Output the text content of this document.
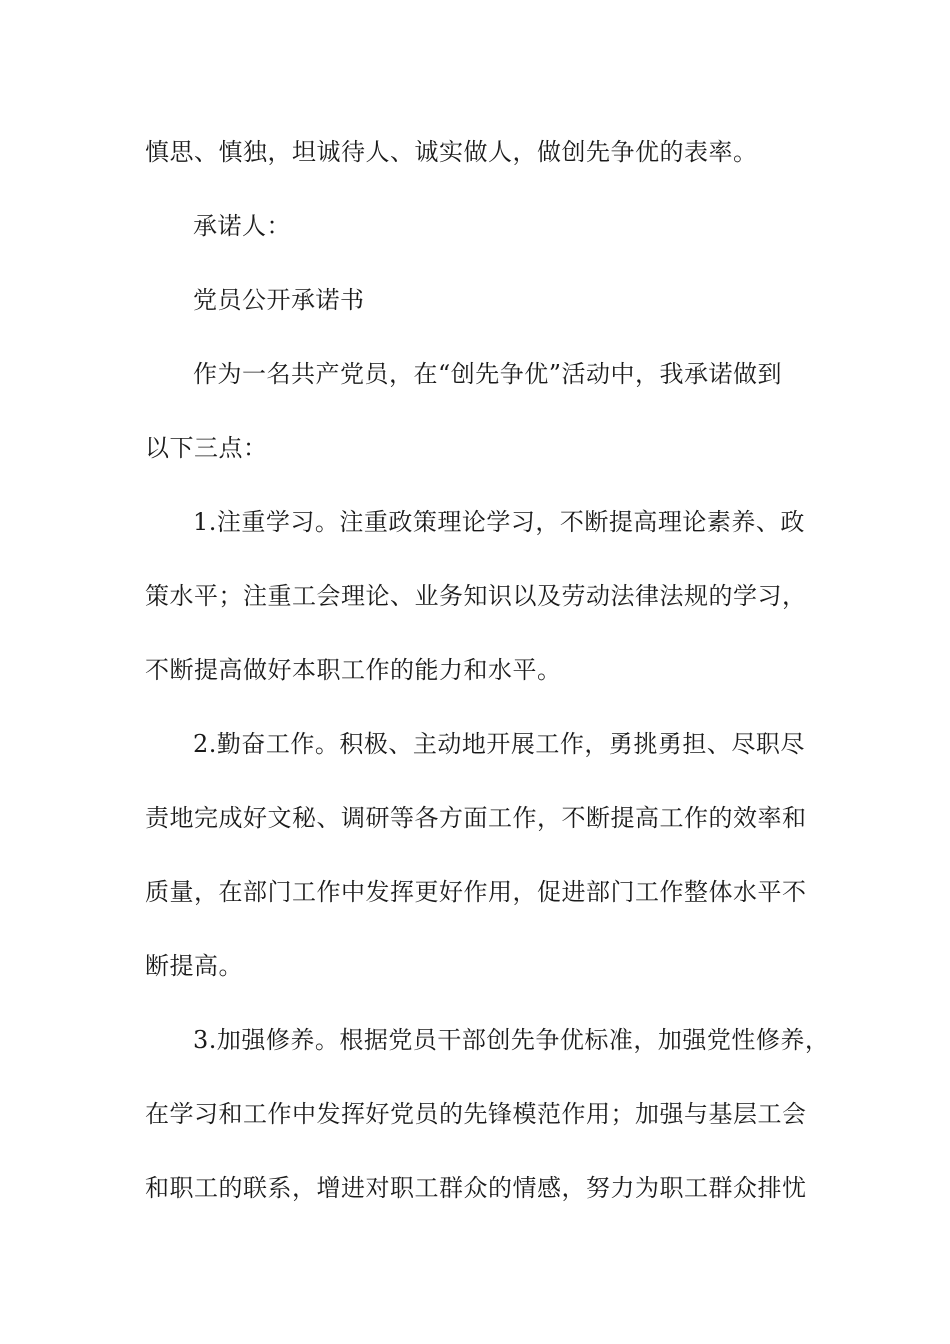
慎思、慎独，坦诚待人、诚实做人，做创先争优的表率。
承诺人：
党员公开承诺书
作为一名共产党员，在“创先争优”活动中，我承诺做到
以下三点：
1.注重学习。注重政策理论学习，不断提高理论素养、政
策水平；注重工会理论、业务知识以及劳动法律法规的学习，
不断提高做好本职工作的能力和水平。
2.勤奋工作。积极、主动地开展工作，勇挑勇担、尽职尽
责地完成好文秘、调研等各方面工作，不断提高工作的效率和
质量，在部门工作中发挥更好作用，促进部门工作整体水平不
断提高。
3.加强修养。根据党员干部创先争优标准，加强党性修养，
在学习和工作中发挥好党员的先锋模范作用；加强与基层工会
和职工的联系，增进对职工群众的情感，努力为职工群众排忧
